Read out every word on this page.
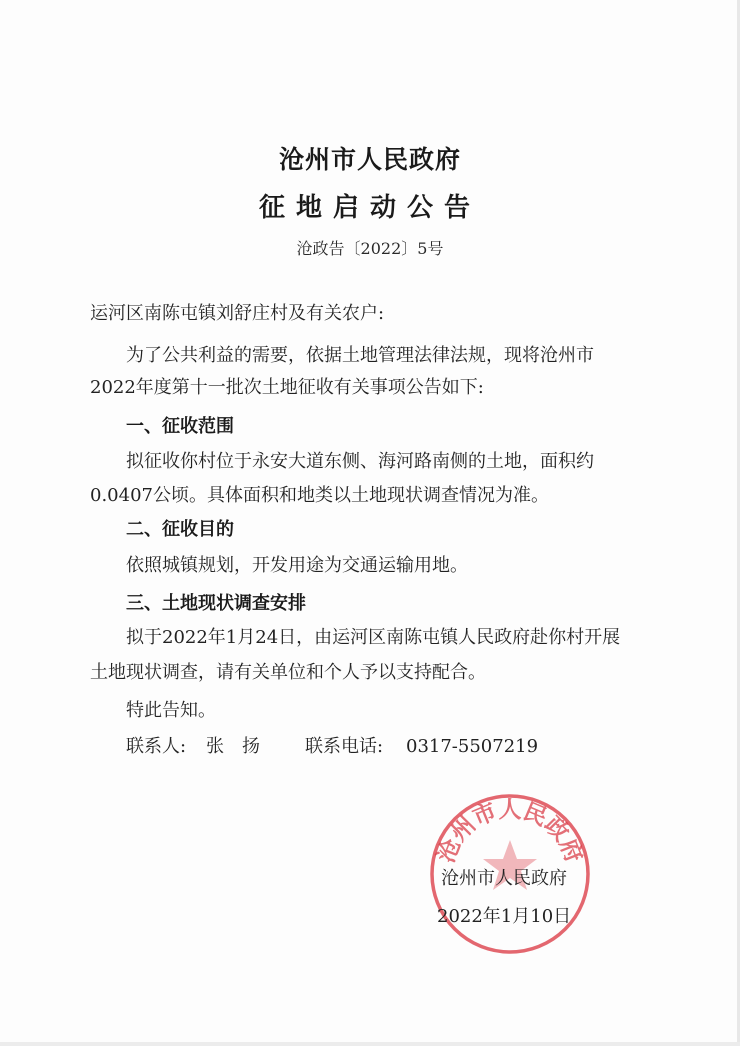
沧州市人民政府
征地启动公告
沧政告〔2022〕5号
运河区南陈屯镇刘舒庄村及有关农户:
为了公共利益的需要，依据土地管理法律法规，现将沧州市
2022年度第十一批次土地征收有关事项公告如下:
一、征收范围
拟征收你村位于永安大道东侧、海河路南侧的土地，面积约
0.0407公顷。具体面积和地类以土地现状调查情况为准。
二、征收目的
依照城镇规划，开发用途为交通运输用地。
三、土地现状调查安排
拟于2022年1月24日，由运河区南陈屯镇人民政府赴你村开展
土地现状调查，请有关单位和个人予以支持配合。
特此告知。
联系人: 张　扬	联系电话: 0317-5507219
沧州市人民政府
沧州市人民政府
2022年1月10日
